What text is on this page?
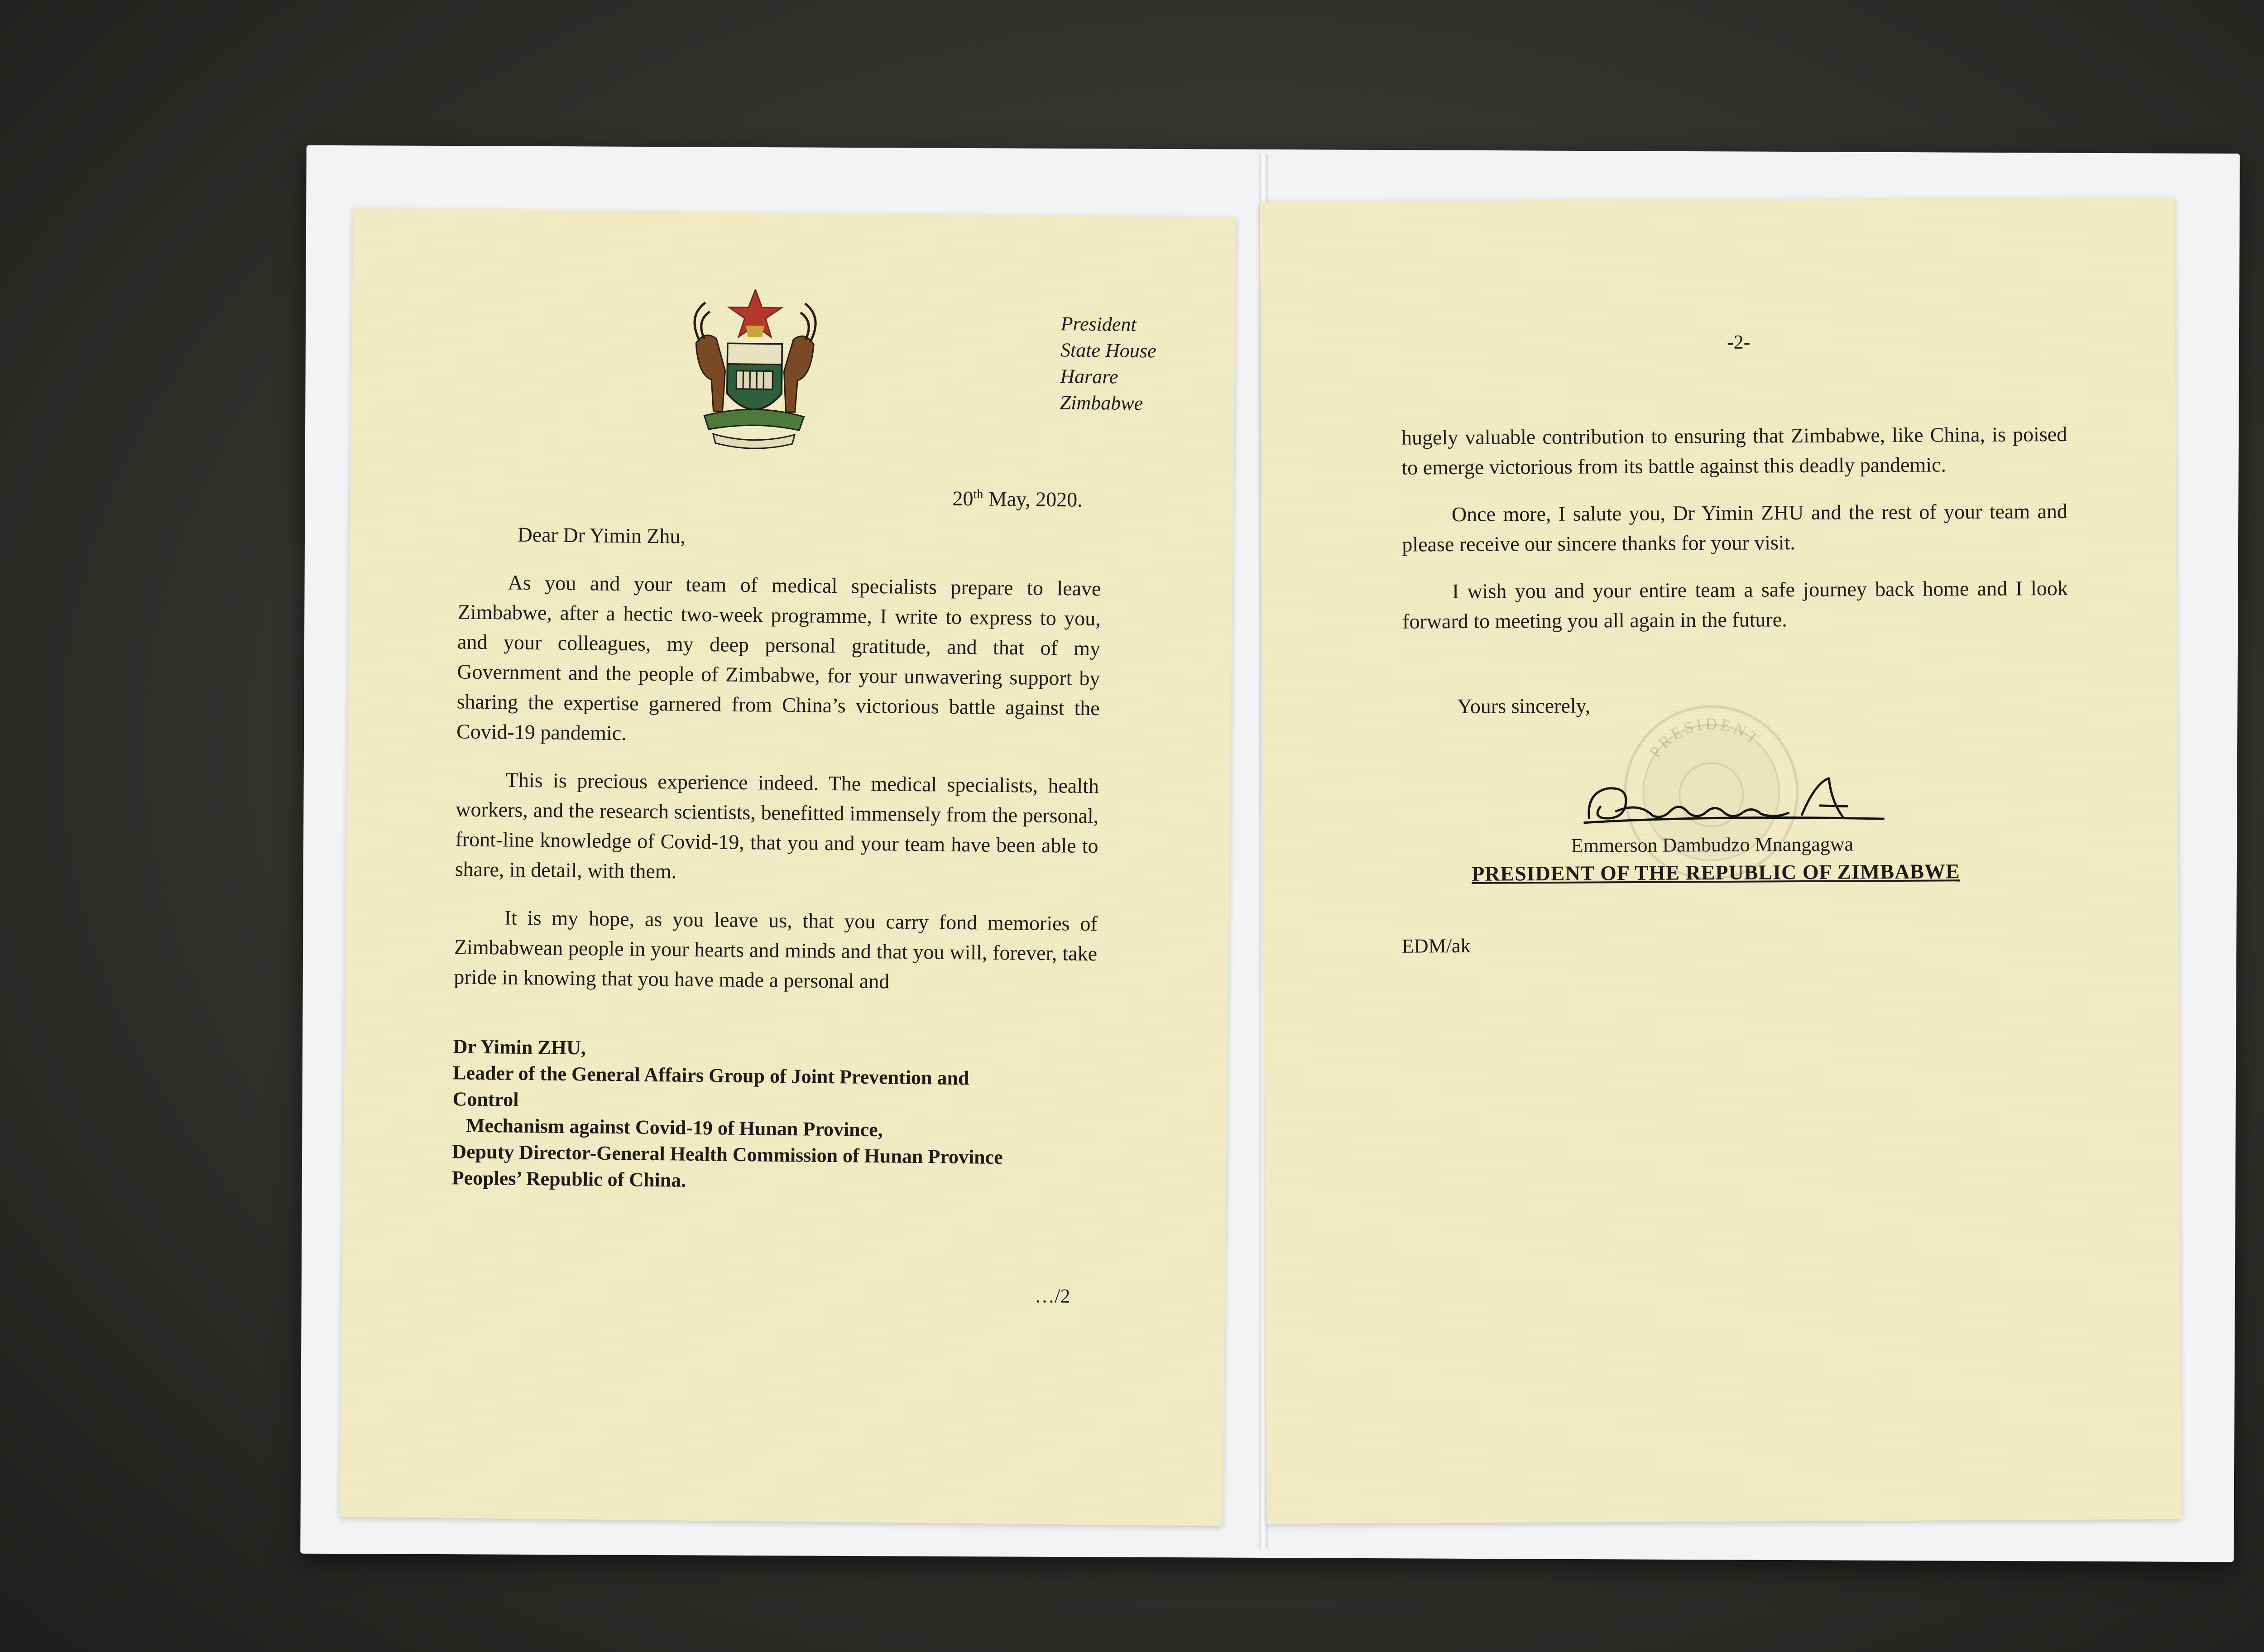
President
State House
Harare
Zimbabwe
20th May, 2020.
Dear Dr Yimin Zhu,

As you and your team of medical specialists prepare to leave Zimbabwe, after a hectic two-week programme, I write to express to you, and your colleagues, my deep personal gratitude, and that of my Government and the people of Zimbabwe, for your unwavering support by sharing the expertise garnered from China’s victorious battle against the Covid-19 pandemic.

This is precious experience indeed. The medical specialists, health workers, and the research scientists, benefitted immensely from the personal, front-line knowledge of Covid-19, that you and your team have been able to share, in detail, with them.

It is my hope, as you leave us, that you carry fond memories of Zimbabwean people in your hearts and minds and that you will, forever, take pride in knowing that you have made a personal and

Dr Yimin ZHU,
Leader of the General Affairs Group of Joint Prevention and
Control
Mechanism against Covid-19 of Hunan Province,
Deputy Director-General Health Commission of Hunan Province
Peoples’ Republic of China.
…/2
-2-

hugely valuable contribution to ensuring that Zimbabwe, like China, is poised to emerge victorious from its battle against this deadly pandemic.

Once more, I salute you, Dr Yimin ZHU and the rest of your team and please receive our sincere thanks for your visit.

I wish you and your entire team a safe journey back home and I look forward to meeting you all again in the future.

Yours sincerely,
PRESIDENT
Emmerson Dambudzo Mnangagwa
PRESIDENT OF THE REPUBLIC OF ZIMBABWE
EDM/ak
